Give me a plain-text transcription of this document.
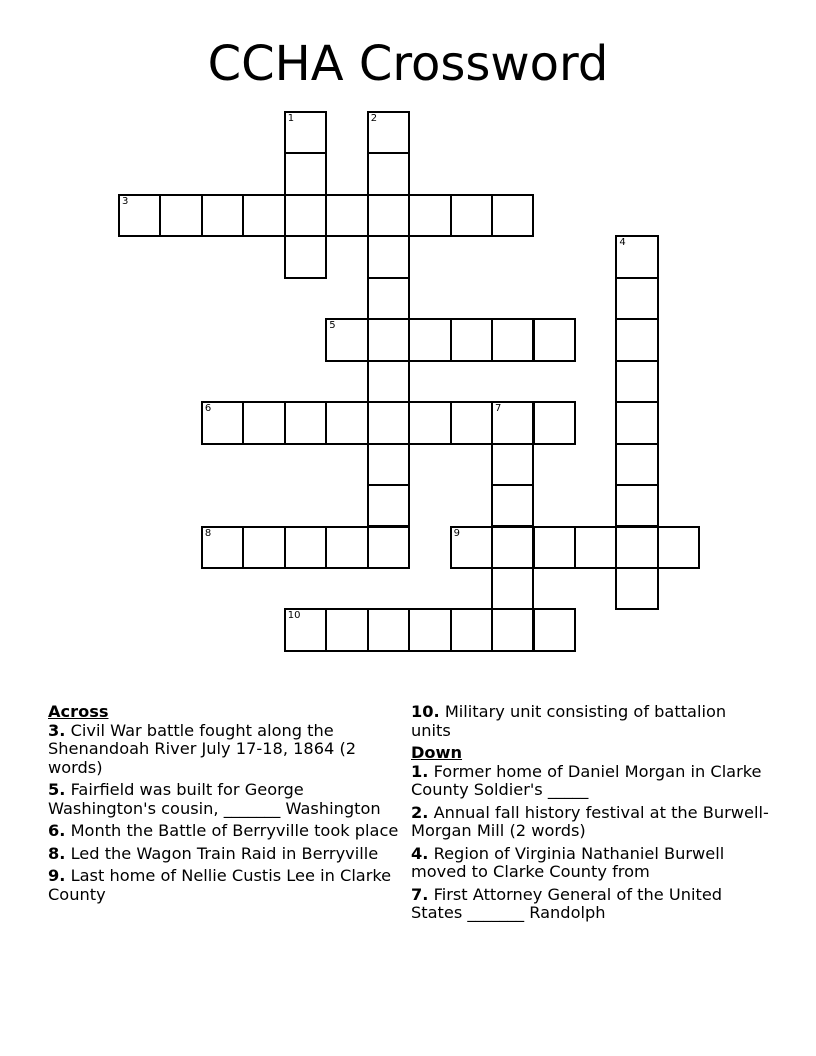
CCHA Crossword
1	2
3
4
5
6	7
8	9
10
Across
3. Civil War battle fought along the Shenandoah River July 17-18, 1864 (2 words)
5. Fairfield was built for George Washington's cousin, _______ Washington
6. Month the Battle of Berryville took place
8. Led the Wagon Train Raid in Berryville
9. Last home of Nellie Custis Lee in Clarke County
10. Military unit consisting of battalion units
Down
1. Former home of Daniel Morgan in Clarke County Soldier's _____
2. Annual fall history festival at the Burwell-Morgan Mill (2 words)
4. Region of Virginia Nathaniel Burwell moved to Clarke County from
7. First Attorney General of the United States _______ Randolph
